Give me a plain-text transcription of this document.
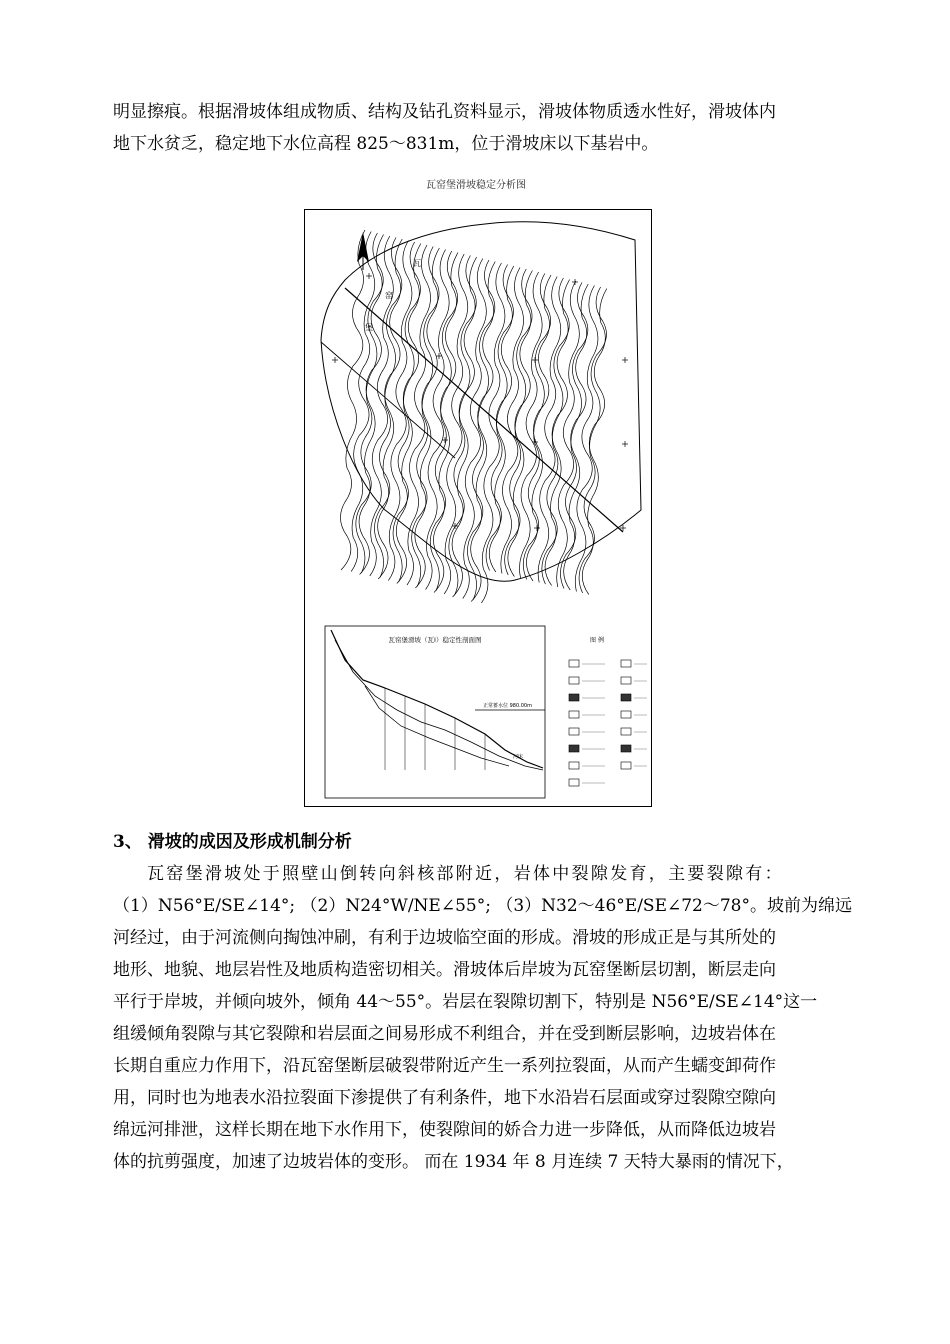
明显擦痕。根据滑坡体组成物质、结构及钻孔资料显示，滑坡体物质透水性好，滑坡体内
地下水贫乏，稳定地下水位高程 825～831m，位于滑坡床以下基岩中。
瓦窑堡滑坡稳定分析图
瓦
窑
堡
瓦窑堡滑坡（瓦Ⅰ）稳定性剖面图
正常蓄水位 980.00m
河床
图 例
3、 滑坡的成因及形成机制分析
瓦窑堡滑坡处于照壁山倒转向斜核部附近，岩体中裂隙发育，主要裂隙有：
（1）N56°E/SE∠14°; （2）N24°W/NE∠55°; （3）N32～46°E/SE∠72～78°。坡前为绵远
河经过，由于河流侧向掏蚀冲刷，有利于边坡临空面的形成。滑坡的形成正是与其所处的
地形、地貌、地层岩性及地质构造密切相关。滑坡体后岸坡为瓦窑堡断层切割，断层走向
平行于岸坡，并倾向坡外，倾角 44～55°。岩层在裂隙切割下，特别是 N56°E/SE∠14°这一
组缓倾角裂隙与其它裂隙和岩层面之间易形成不利组合，并在受到断层影响，边坡岩体在
长期自重应力作用下，沿瓦窑堡断层破裂带附近产生一系列拉裂面，从而产生蠕变卸荷作
用，同时也为地表水沿拉裂面下渗提供了有利条件，地下水沿岩石层面或穿过裂隙空隙向
绵远河排泄，这样长期在地下水作用下，使裂隙间的娇合力进一步降低，从而降低边坡岩
体的抗剪强度，加速了边坡岩体的变形。 而在 1934 年 8 月连续 7 天特大暴雨的情况下，
